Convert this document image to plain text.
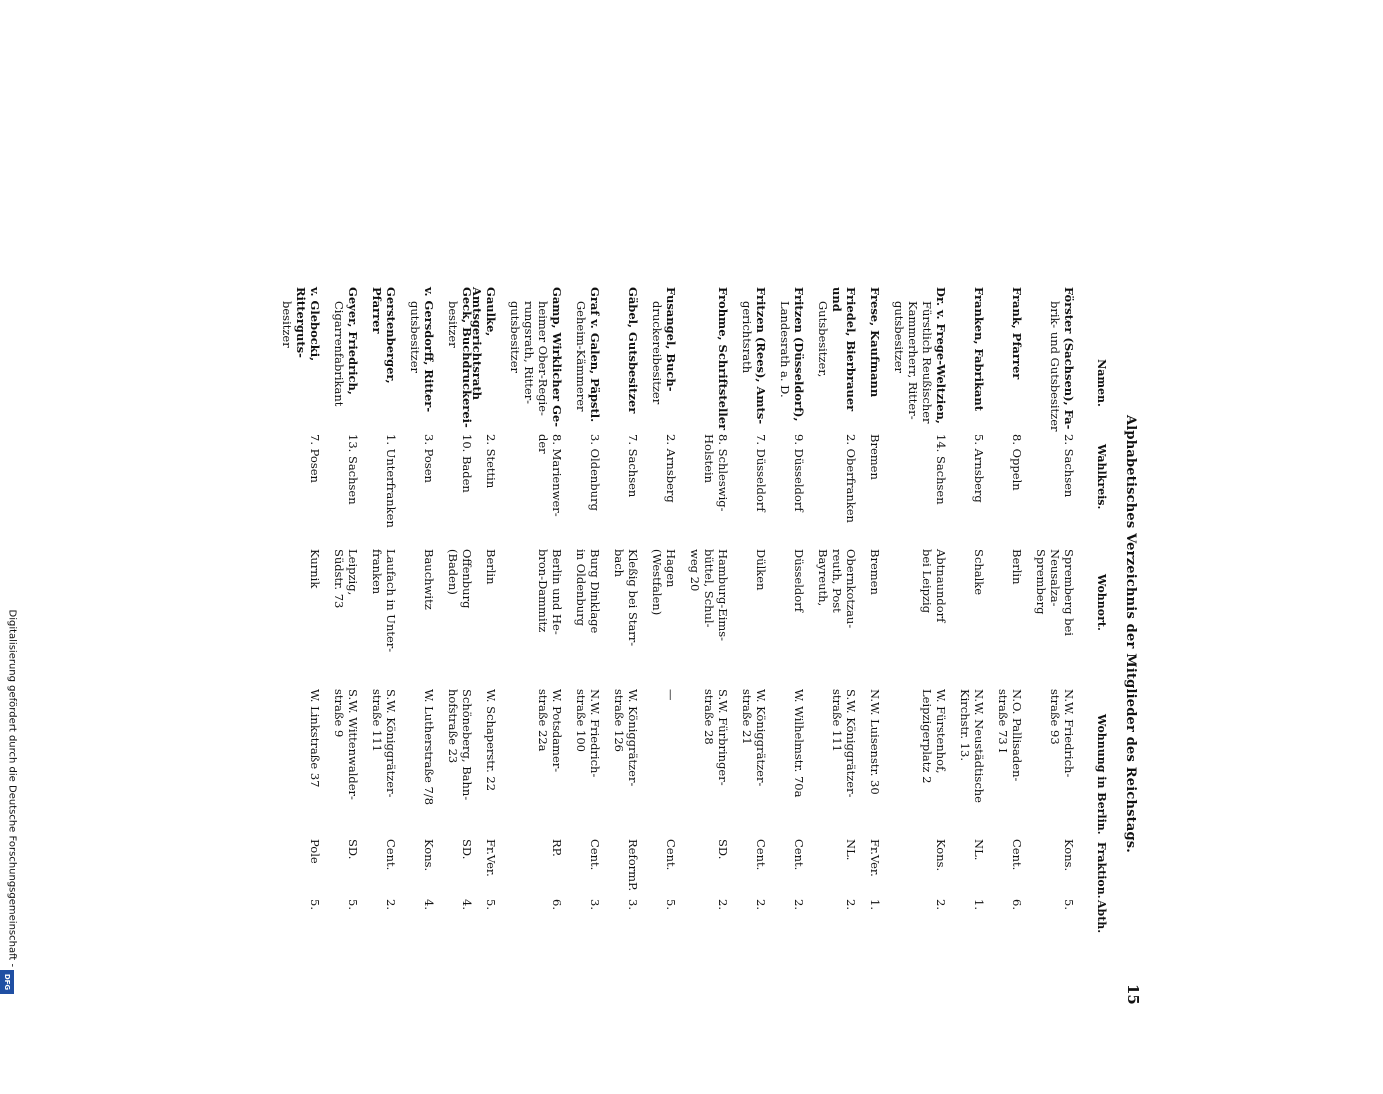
Alphabetisches Verzeichnis der Mitglieder des Reichstags.
15
Namen.
Wahlkreis.
Wohnort.
Wohnung in Berlin.
Fraktion.
Abth.
Förster (Sachsen), Fa-
brik- und Gutsbesitzer
2. Sachsen
Spremberg bei
Neusalza-
Spremberg
N.W. Friedrich-
straße 93
Kons.
5.
Frank, Pfarrer
8. Oppeln
Berlin
N.O. Pallisaden-
straße 73 I
Cent.
6.
Franken, Fabrikant
5. Arnsberg
Schalke
N.W. Neustädtische
Kirchstr. 13.
NL.
1.
Dr. v. Frege-Weltzien,
Fürstlich Reußischer
Kammerherr, Ritter-
gutsbesitzer
14. Sachsen
Abtnaundorf
bei Leipzig
W. Fürstenhof,
Leipzigerplatz 2
Kons.
2.
Frese, Kaufmann
Bremen
Bremen
N.W. Luisenstr. 30
Fr.Ver.
1.
Friedel, Bierbrauer und
Gutsbesitzer,
2. Oberfranken
Obernkotzau-
reuth, Post
Bayreuth,
S.W. Königgrätzer-
straße 111
NL.
2.
Fritzen (Düsseldorf),
Landesrath a. D.
9. Düsseldorf
Düsseldorf
W. Wilhelmstr. 70a
Cent.
2.
Fritzen (Rees), Amts-
gerichtsrath
7. Düsseldorf
Dülken
W. Königgrätzer-
straße 21
Cent.
2.
Frohme, Schriftsteller
8. Schleswig-
Holstein
Hamburg-Eims-
büttel, Schul-
weg 20
S.W. Fürbringer-
straße 28
SD.
2.
Fusangel, Buch-
druckereibesitzer
2. Arnsberg
Hagen
(Westfalen)
—
Cent.
5.
Gäbel, Gutsbesitzer
7. Sachsen
Kleßig bei Starr-
bach
W. Königgrätzer-
straße 126
ReformP.
3.
Graf v. Galen, Päpstl.
Geheim-Kämmerer
3. Oldenburg
Burg Dinklage
in Oldenburg
N.W. Friedrich-
straße 100
Cent.
3.
Gamp, Wirklicher Ge-
heimer Ober-Regie-
rungsrath, Ritter-
gutsbesitzer
8. Marienwer-
der
Berlin und He-
bron-Dammitz
W. Potsdamer-
straße 22a
RP.
6.
Gaulke, Amtsgerichtsrath
2. Stettin
Berlin
W. Schaperstr. 22
Fr.Ver.
5.
Geck, Buchdruckerei-
besitzer
10. Baden
Offenburg
(Baden)
Schöneberg, Bahn-
hofstraße 23
SD.
4.
v. Gersdorff, Ritter-
gutsbesitzer
3. Posen
Bauchwitz
W. Lutherstraße 7/8
Kons.
4.
Gerstenberger, Pfarrer
1. Unterfranken
Laufach in Unter-
franken
S.W. Königgrätzer-
straße 111
Cent.
2.
Geyer, Friedrich,
Cigarrenfabrikant
13. Sachsen
Leipzig,
Südstr. 73
S.W. Wittenwalder-
straße 9
SD.
5.
v. Glebocki, Ritterguts-
besitzer
7. Posen
Kurnik
W. Linkstraße 37
Pole
5.
Digitalisierung gefördert durch die Deutsche Forschungsgemeinschaft -
DFG
